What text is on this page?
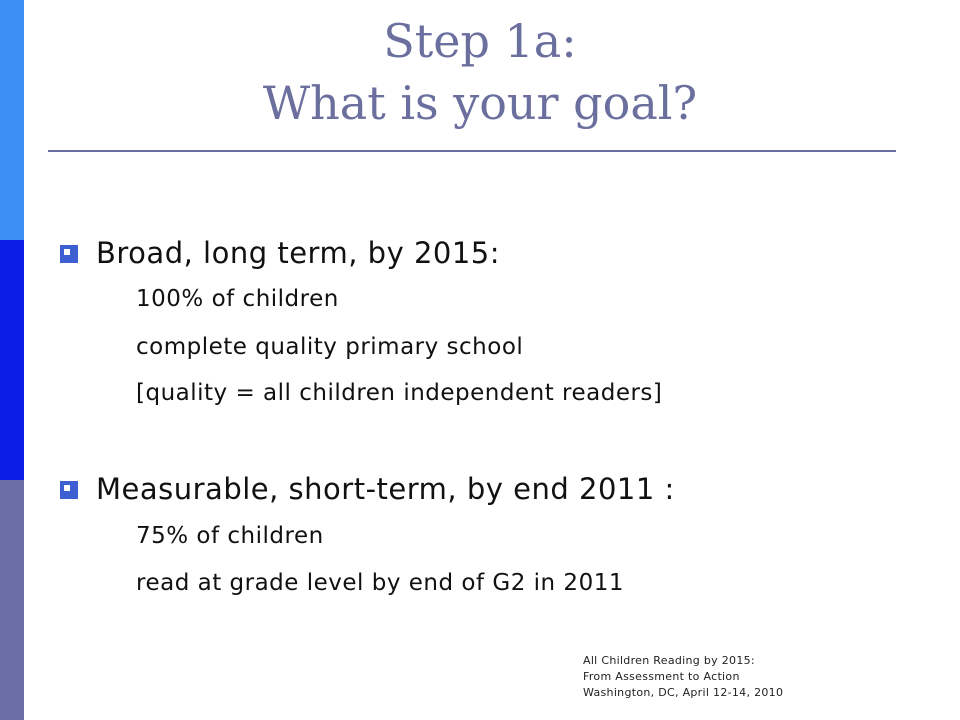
Step 1a:
What is your goal?
Broad, long term, by 2015:
100% of children
complete quality primary school
[quality = all children independent readers]
Measurable, short-term, by end 2011 :
75% of children
read at grade level by end of G2 in 2011
All Children Reading by 2015:
From Assessment to Action
Washington, DC, April 12-14, 2010
